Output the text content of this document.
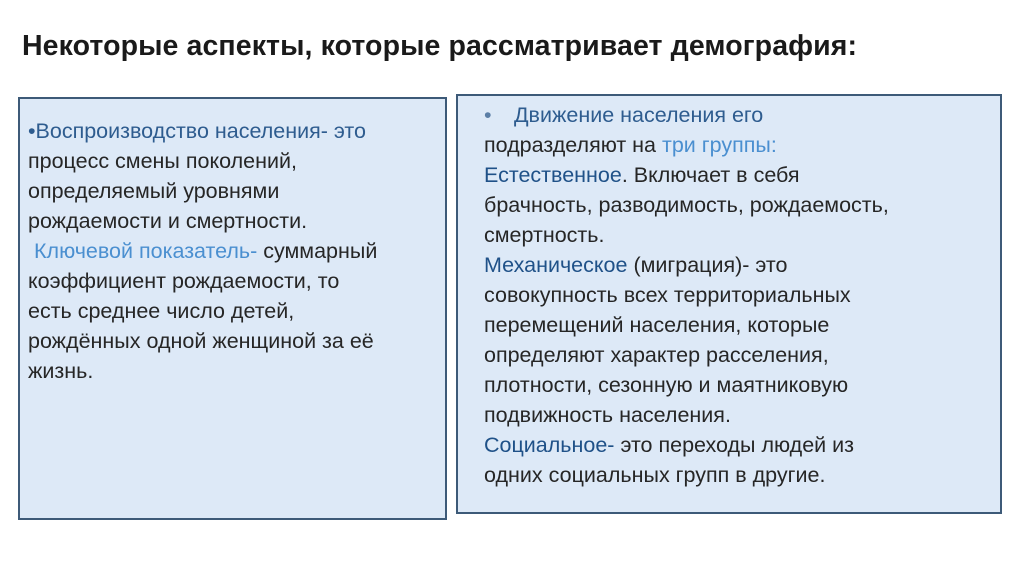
Некоторые аспекты, которые рассматривает демография:
•Воспроизводство населения- это
процесс смены поколений,
определяемый уровнями
рождаемости и смертности.
Ключевой показатель- суммарный
коэффициент рождаемости, то
есть среднее число детей,
рождённых одной женщиной за её
жизнь.
• Движение населения его
подразделяют на три группы:
Естественное. Включает в себя
брачность, разводимость, рождаемость,
смертность.
Механическое (миграция)- это
совокупность всех территориальных
перемещений населения, которые
определяют характер расселения,
плотности, сезонную и маятниковую
подвижность населения.
Социальное- это переходы людей из
одних социальных групп в другие.
